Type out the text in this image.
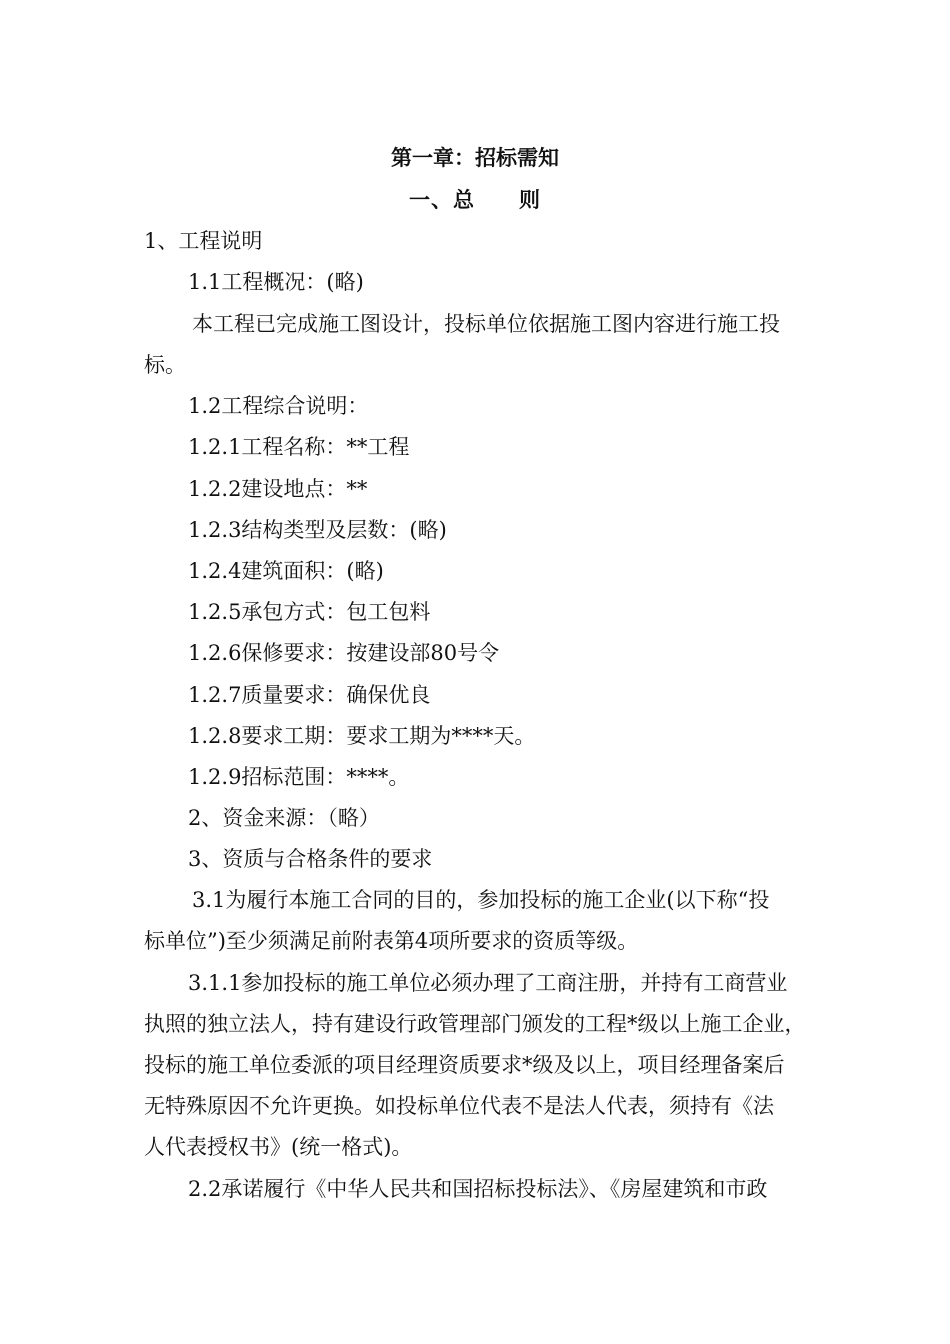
第一章：招标需知
一、总　　则
1、工程说明
1.1工程概况：(略)
本工程已完成施工图设计，投标单位依据施工图内容进行施工投
标。
1.2工程综合说明：
1.2.1工程名称：**工程
1.2.2建设地点：**
1.2.3结构类型及层数：(略)
1.2.4建筑面积：(略)
1.2.5承包方式：包工包料
1.2.6保修要求：按建设部80号令
1.2.7质量要求：确保优良
1.2.8要求工期：要求工期为****天。
1.2.9招标范围：****。
2、资金来源：（略）
3、资质与合格条件的要求
3.1为履行本施工合同的目的，参加投标的施工企业(以下称“投
标单位”)至少须满足前附表第4项所要求的资质等级。
3.1.1参加投标的施工单位必须办理了工商注册，并持有工商营业
执照的独立法人，持有建设行政管理部门颁发的工程*级以上施工企业，
投标的施工单位委派的项目经理资质要求*级及以上，项目经理备案后
无特殊原因不允许更换。如投标单位代表不是法人代表，须持有《法
人代表授权书》(统一格式)。
2.2承诺履行《中华人民共和国招标投标法》、《房屋建筑和市政
